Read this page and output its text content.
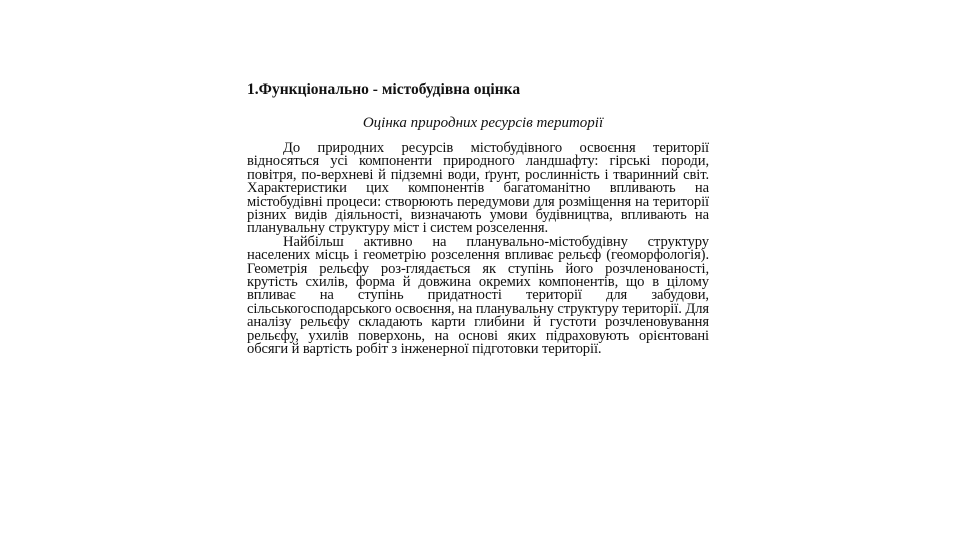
1.Функціонально - містобудівна оцінка
Оцінка природних ресурсів території

До природних ресурсів містобудівного освоєння території відносяться усі компоненти природного ландшафту: гірські породи, повітря, по-верхневі й підземні води, ґрунт, рослинність і тваринний світ. Характеристики цих компонентів багатоманітно впливають на містобудівні процеси: створюють передумови для розміщення на території різних видів діяльності, визначають умови будівництва, впливають на планувальну структуру міст і систем розселення.

Найбільш активно на планувально-містобудівну структуру населених місць і геометрію розселення впливає рельєф (геоморфологія). Геометрія рельєфу роз-глядається як ступінь його розчленованості, крутість схилів, форма й довжина окремих компонентів, що в цілому впливає на ступінь придатності території для забудови, сільськогосподарського освоєння, на планувальну структуру території. Для аналізу рельєфу складають карти глибини й густоти розчленовування рельєфу, ухилів поверхонь, на основі яких підраховують орієнтовані обсяги й вартість робіт з інженерної підготовки території.
